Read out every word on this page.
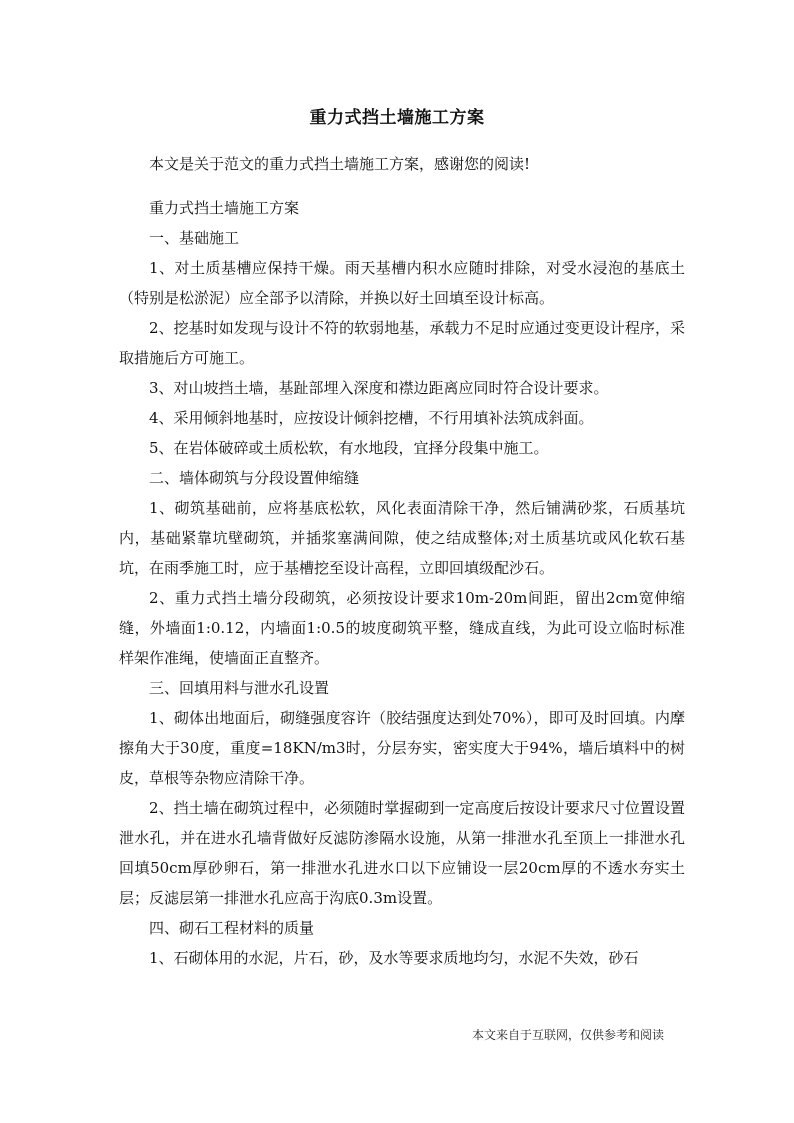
重力式挡土墙施工方案

本文是关于范文的重力式挡土墙施工方案，感谢您的阅读!

重力式挡土墙施工方案

一、基础施工

1、对土质基槽应保持干燥。雨天基槽内积水应随时排除，对受水浸泡的基底土（特别是松淤泥）应全部予以清除，并换以好土回填至设计标高。

2、挖基时如发现与设计不符的软弱地基，承载力不足时应通过变更设计程序，采取措施后方可施工。

3、对山坡挡土墙，基趾部埋入深度和襟边距离应同时符合设计要求。

4、采用倾斜地基时，应按设计倾斜挖槽，不行用填补法筑成斜面。

5、在岩体破碎或土质松软，有水地段，宜择分段集中施工。

二、墙体砌筑与分段设置伸缩缝

1、砌筑基础前，应将基底松软，风化表面清除干净，然后铺满砂浆，石质基坑内，基础紧靠坑壁砌筑，并插浆塞满间隙，使之结成整体;对土质基坑或风化软石基坑，在雨季施工时，应于基槽挖至设计高程，立即回填级配沙石。

2、重力式挡土墙分段砌筑，必须按设计要求10m-20m间距，留出2cm宽伸缩缝，外墙面1:0.12，内墙面1:0.5的坡度砌筑平整，缝成直线，为此可设立临时标准样架作准绳，使墙面正直整齐。

三、回填用料与泄水孔设置

1、砌体出地面后，砌缝强度容许（胶结强度达到处70%），即可及时回填。内摩擦角大于30度，重度=18KN/m3时，分层夯实，密实度大于94%，墙后填料中的树皮，草根等杂物应清除干净。

2、挡土墙在砌筑过程中，必须随时掌握砌到一定高度后按设计要求尺寸位置设置泄水孔，并在进水孔墙背做好反滤防渗隔水设施，从第一排泄水孔至顶上一排泄水孔回填50cm厚砂卵石，第一排泄水孔进水口以下应铺设一层20cm厚的不透水夯实土层；反滤层第一排泄水孔应高于沟底0.3m设置。

四、砌石工程材料的质量

1、石砌体用的水泥，片石，砂，及水等要求质地均匀，水泥不失效，砂石

本文来自于互联网，仅供参考和阅读
